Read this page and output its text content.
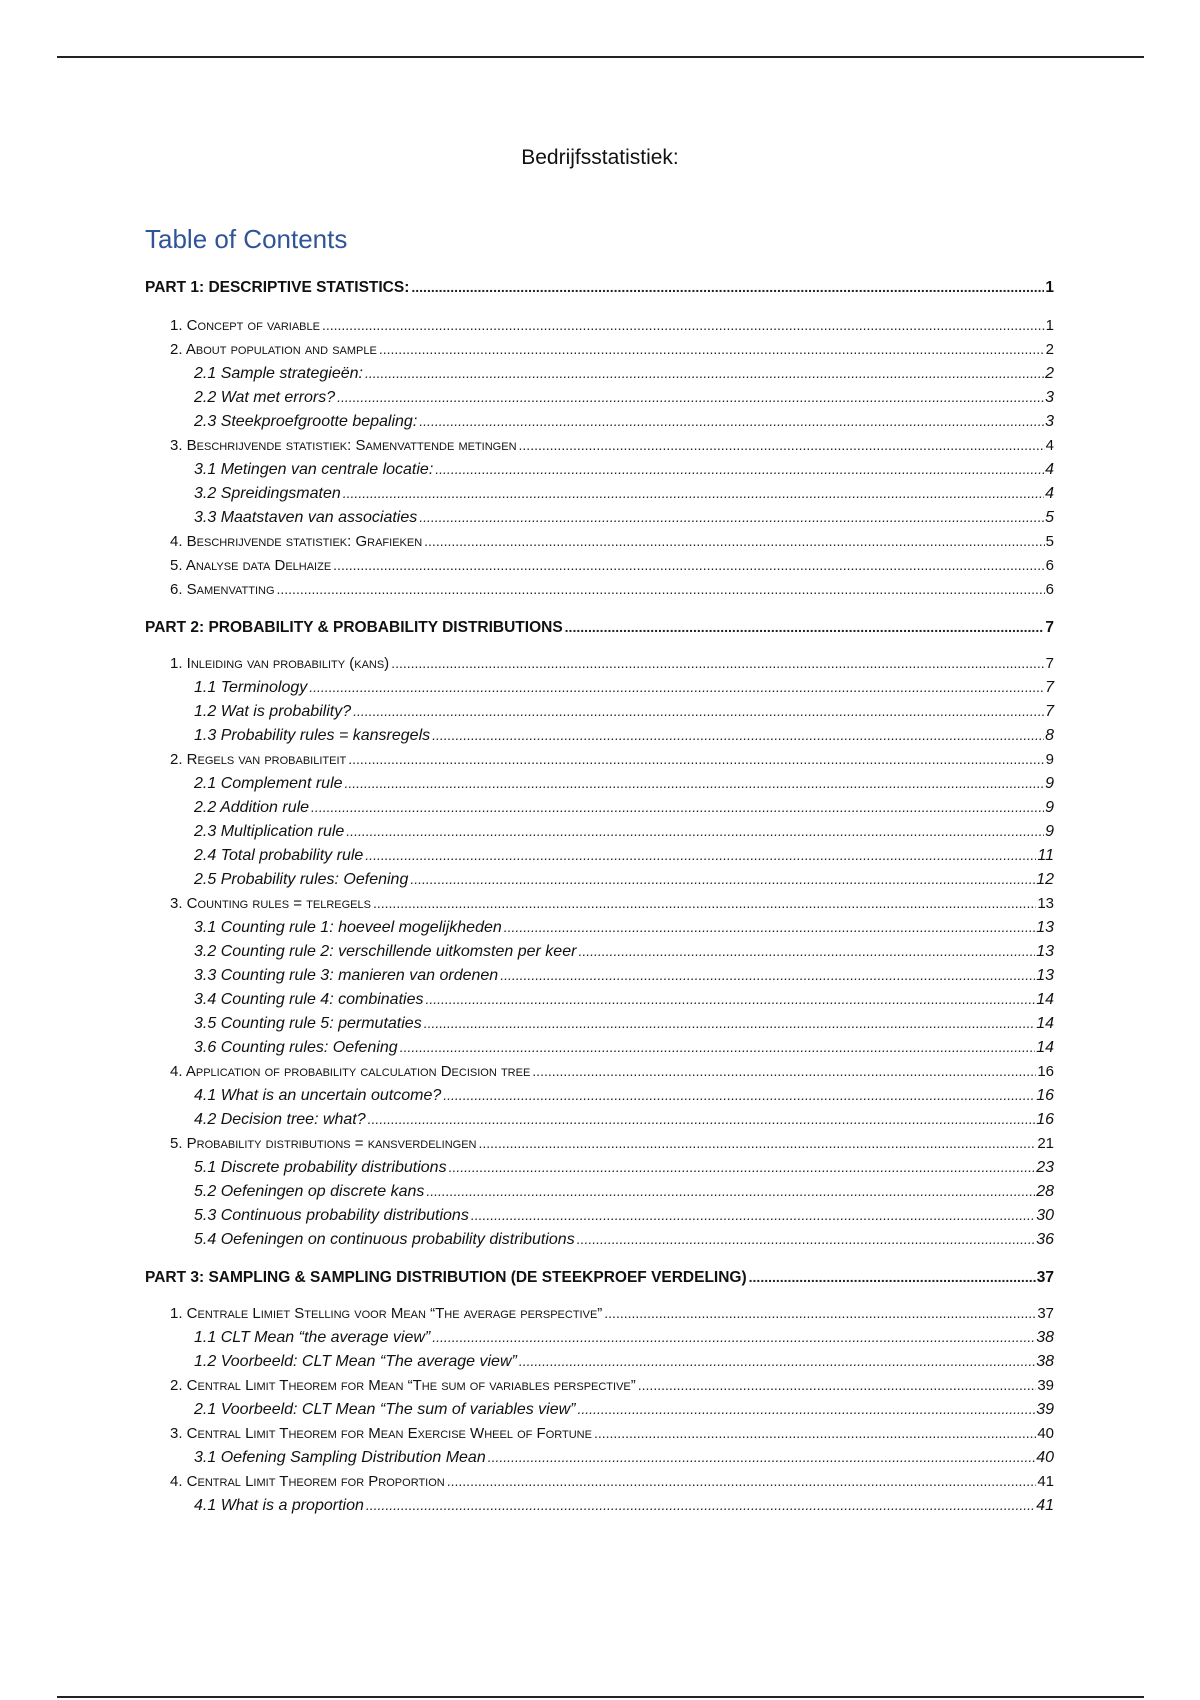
Bedrijfsstatistiek:
Table of Contents
PART 1: DESCRIPTIVE STATISTICS: .....	1
1. Concept of variable .....	1
2. About population and sample .....	2
2.1 Sample strategieën: .....	2
2.2 Wat met errors? .....	3
2.3 Steekproefgrootte bepaling: .....	3
3. Beschrijvende statistiek: Samenvattende metingen .....	4
3.1 Metingen van centrale locatie: .....	4
3.2 Spreidingsmaten .....	4
3.3 Maatstaven van associaties .....	5
4. Beschrijvende statistiek: Grafieken .....	5
5. Analyse data Delhaize .....	6
6. Samenvatting .....	6
PART 2: PROBABILITY & PROBABILITY DISTRIBUTIONS .....	7
1. Inleiding van probability (kans) .....	7
1.1 Terminology .....	7
1.2 Wat is probability? .....	7
1.3 Probability rules = kansregels .....	8
2. Regels van probabiliteit .....	9
2.1 Complement rule .....	9
2.2 Addition rule .....	9
2.3 Multiplication rule .....	9
2.4 Total probability rule .....	11
2.5 Probability rules: Oefening .....	12
3. Counting rules = telregels .....	13
3.1 Counting rule 1: hoeveel mogelijkheden .....	13
3.2 Counting rule 2: verschillende uitkomsten per keer .....	13
3.3 Counting rule 3: manieren van ordenen .....	13
3.4 Counting rule 4: combinaties .....	14
3.5 Counting rule 5: permutaties .....	14
3.6 Counting rules: Oefening .....	14
4. Application of probability calculation Decision tree .....	16
4.1 What is an uncertain outcome? .....	16
4.2 Decision tree: what? .....	16
5. Probability distributions = kansverdelingen .....	21
5.1 Discrete probability distributions .....	23
5.2 Oefeningen op discrete kans .....	28
5.3 Continuous probability distributions .....	30
5.4 Oefeningen on continuous probability distributions .....	36
PART 3: SAMPLING & SAMPLING DISTRIBUTION (DE STEEKPROEF VERDELING) .....	37
1. Centrale Limiet Stelling voor Mean “The average perspective” .....	37
1.1 CLT Mean “the average view” .....	38
1.2 Voorbeeld: CLT Mean “The average view” .....	38
2. Central Limit Theorem for Mean “The sum of variables perspective” .....	39
2.1 Voorbeeld: CLT Mean “The sum of variables view” .....	39
3. Central Limit Theorem for Mean Exercise Wheel of Fortune .....	40
3.1 Oefening Sampling Distribution Mean .....	40
4. Central Limit Theorem for Proportion .....	41
4.1 What is a proportion .....	41
